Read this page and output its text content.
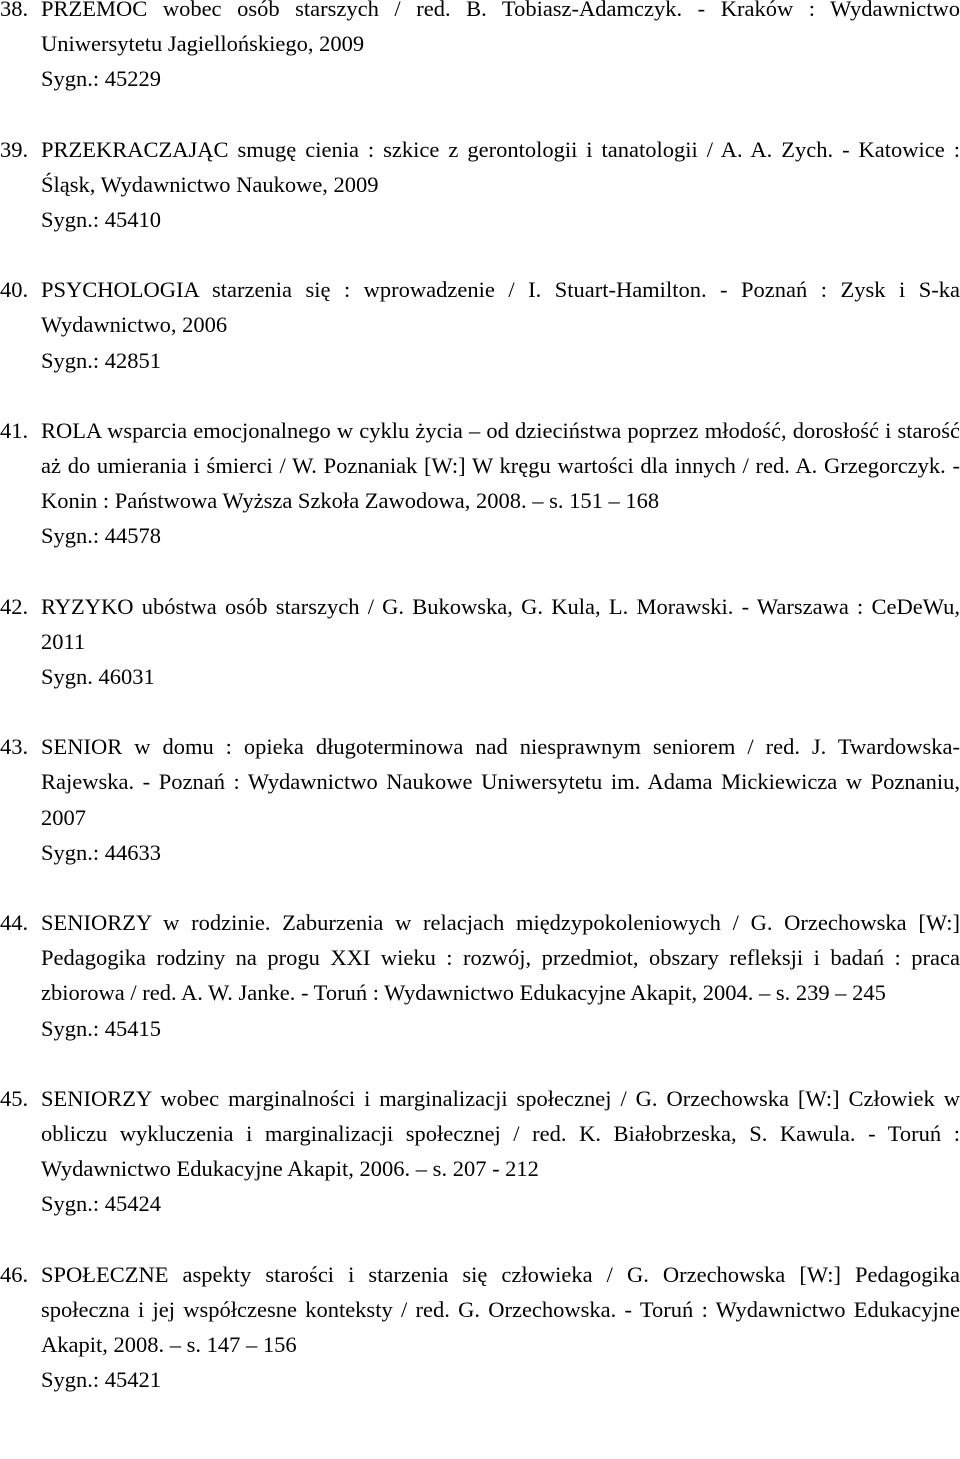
38. PRZEMOC wobec osób starszych / red. B. Tobiasz-Adamczyk. - Kraków : Wydawnictwo Uniwersytetu Jagiellońskiego, 2009
Sygn.: 45229
39. PRZEKRACZAJĄC smugę cienia : szkice z gerontologii i tanatologii / A. A. Zych. - Katowice : Śląsk, Wydawnictwo Naukowe, 2009
Sygn.: 45410
40. PSYCHOLOGIA starzenia się : wprowadzenie / I. Stuart-Hamilton. - Poznań : Zysk i S-ka Wydawnictwo, 2006
Sygn.: 42851
41. ROLA wsparcia emocjonalnego w cyklu życia – od dzieciństwa poprzez młodość, dorosłość i starość aż do umierania i śmierci / W. Poznaniak [W:] W kręgu wartości dla innych / red. A. Grzegorczyk. - Konin : Państwowa Wyższa Szkoła Zawodowa, 2008. – s. 151 – 168
Sygn.: 44578
42. RYZYKO ubóstwa osób starszych / G. Bukowska, G. Kula, L. Morawski. - Warszawa : CeDeWu, 2011
Sygn. 46031
43. SENIOR w domu : opieka długoterminowa nad niesprawnym seniorem / red. J. Twardowska-Rajewska. - Poznań : Wydawnictwo Naukowe Uniwersytetu im. Adama Mickiewicza w Poznaniu, 2007
Sygn.: 44633
44. SENIORZY w rodzinie. Zaburzenia w relacjach międzypokoleniowych / G. Orzechowska [W:] Pedagogika rodziny na progu XXI wieku : rozwój, przedmiot, obszary refleksji i badań : praca zbiorowa / red. A. W. Janke. - Toruń : Wydawnictwo Edukacyjne Akapit, 2004. – s. 239 – 245
Sygn.: 45415
45. SENIORZY wobec marginalności i marginalizacji społecznej / G. Orzechowska [W:] Człowiek w obliczu wykluczenia i marginalizacji społecznej / red. K. Białobrzeska, S. Kawula. - Toruń : Wydawnictwo Edukacyjne Akapit, 2006. – s. 207 - 212
Sygn.: 45424
46. SPOŁECZNE aspekty starości i starzenia się człowieka / G. Orzechowska [W:] Pedagogika społeczna i jej współczesne konteksty / red. G. Orzechowska. - Toruń : Wydawnictwo Edukacyjne Akapit, 2008. – s. 147 – 156
Sygn.: 45421
